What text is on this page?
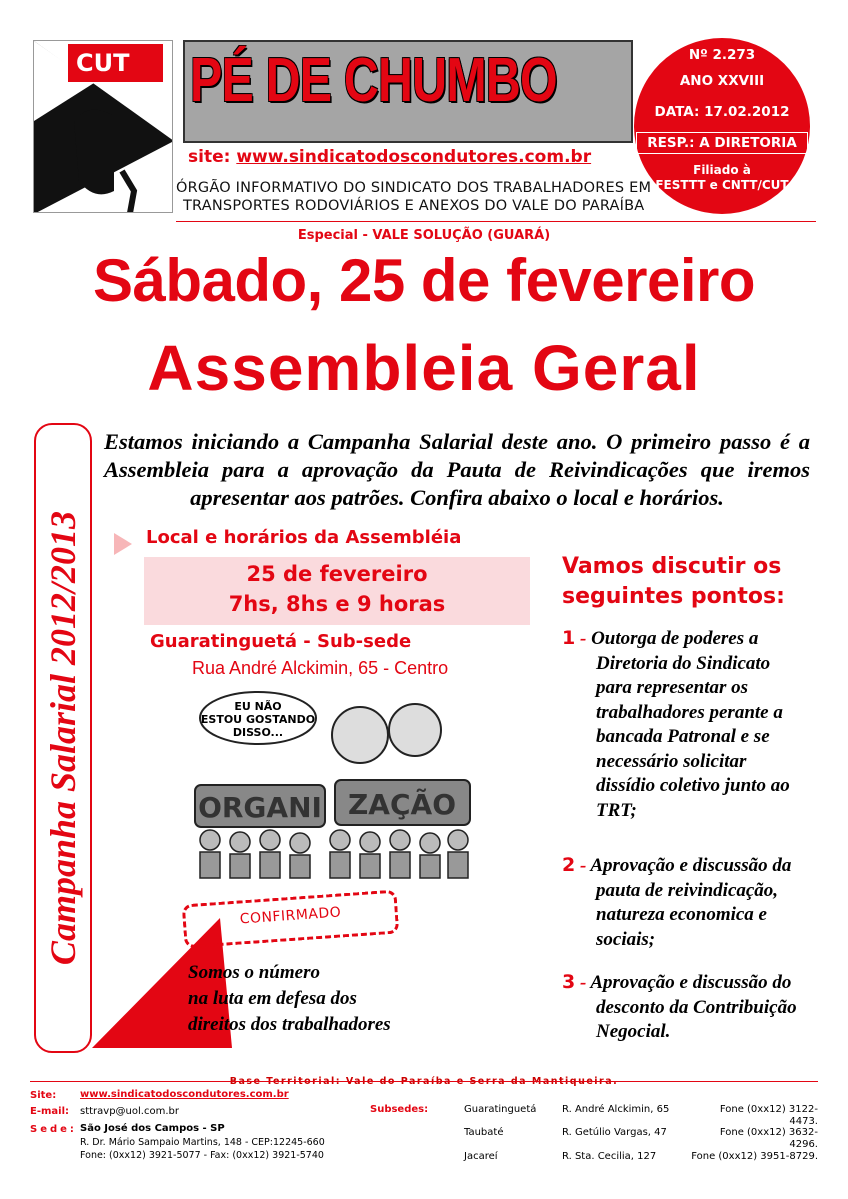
CUT PÉ DE CHUMBO
site: www.sindicatodoscondutores.com.br
ÓRGÃO INFORMATIVO DO SINDICATO DOS TRABALHADORES EM
TRANSPORTES RODOVIÁRIOS E ANEXOS DO VALE DO PARAÍBA
Nº 2.273
ANO XXVIII
DATA: 17.02.2012
RESP.: A DIRETORIA
Filiado à
FESTTT e CNTT/CUT
Especial - VALE SOLUÇÃO (GUARÁ)
Sábado, 25 de fevereiro
Assembleia Geral
Campanha Salarial 2012/2013
Estamos iniciando a Campanha Salarial deste ano. O primeiro passo é a Assembleia para a aprovação da Pauta de Reivindicações que iremos apresentar aos patrões. Confira abaixo o local e horários.
Local e horários da Assembléia
25 de fevereiro
7hs, 8hs e 9 horas
Guaratinguetá - Sub-sede
Rua André Alckimin, 65 - Centro
EU NÃO
ESTOU GOSTANDO
DISSO...
ORGANI ZAÇÃO
CONFIRMADO
Somos o número
na luta em defesa dos
direitos dos trabalhadores
Vamos discutir os seguintes pontos:
1 - Outorga de poderes a Diretoria do Sindicato para representar os trabalhadores perante a bancada Patronal e se necessário solicitar dissídio coletivo junto ao TRT;
2 - Aprovação e discussão da pauta de reivindicação, natureza economica e sociais;
3 - Aprovação e discussão do desconto da Contribuição Negocial.
Site: www.sindicatodoscondutores.com.br
E-mail: sttravp@uol.com.br
Sede: São José dos Campos - SP
R. Dr. Mário Sampaio Martins, 148 - CEP:12245-660
Fone: (0xx12) 3921-5077 - Fax: (0xx12) 3921-5740
Subsedes:	Guaratinguetá	R. André Alckimin, 65	Fone (0xx12) 3122-
4473.
Taubaté	R. Getúlio Vargas, 47	Fone (0xx12) 3632-
4296.
Jacareí	R. Sta. Cecilia, 127	Fone (0xx12) 3951-8729.
